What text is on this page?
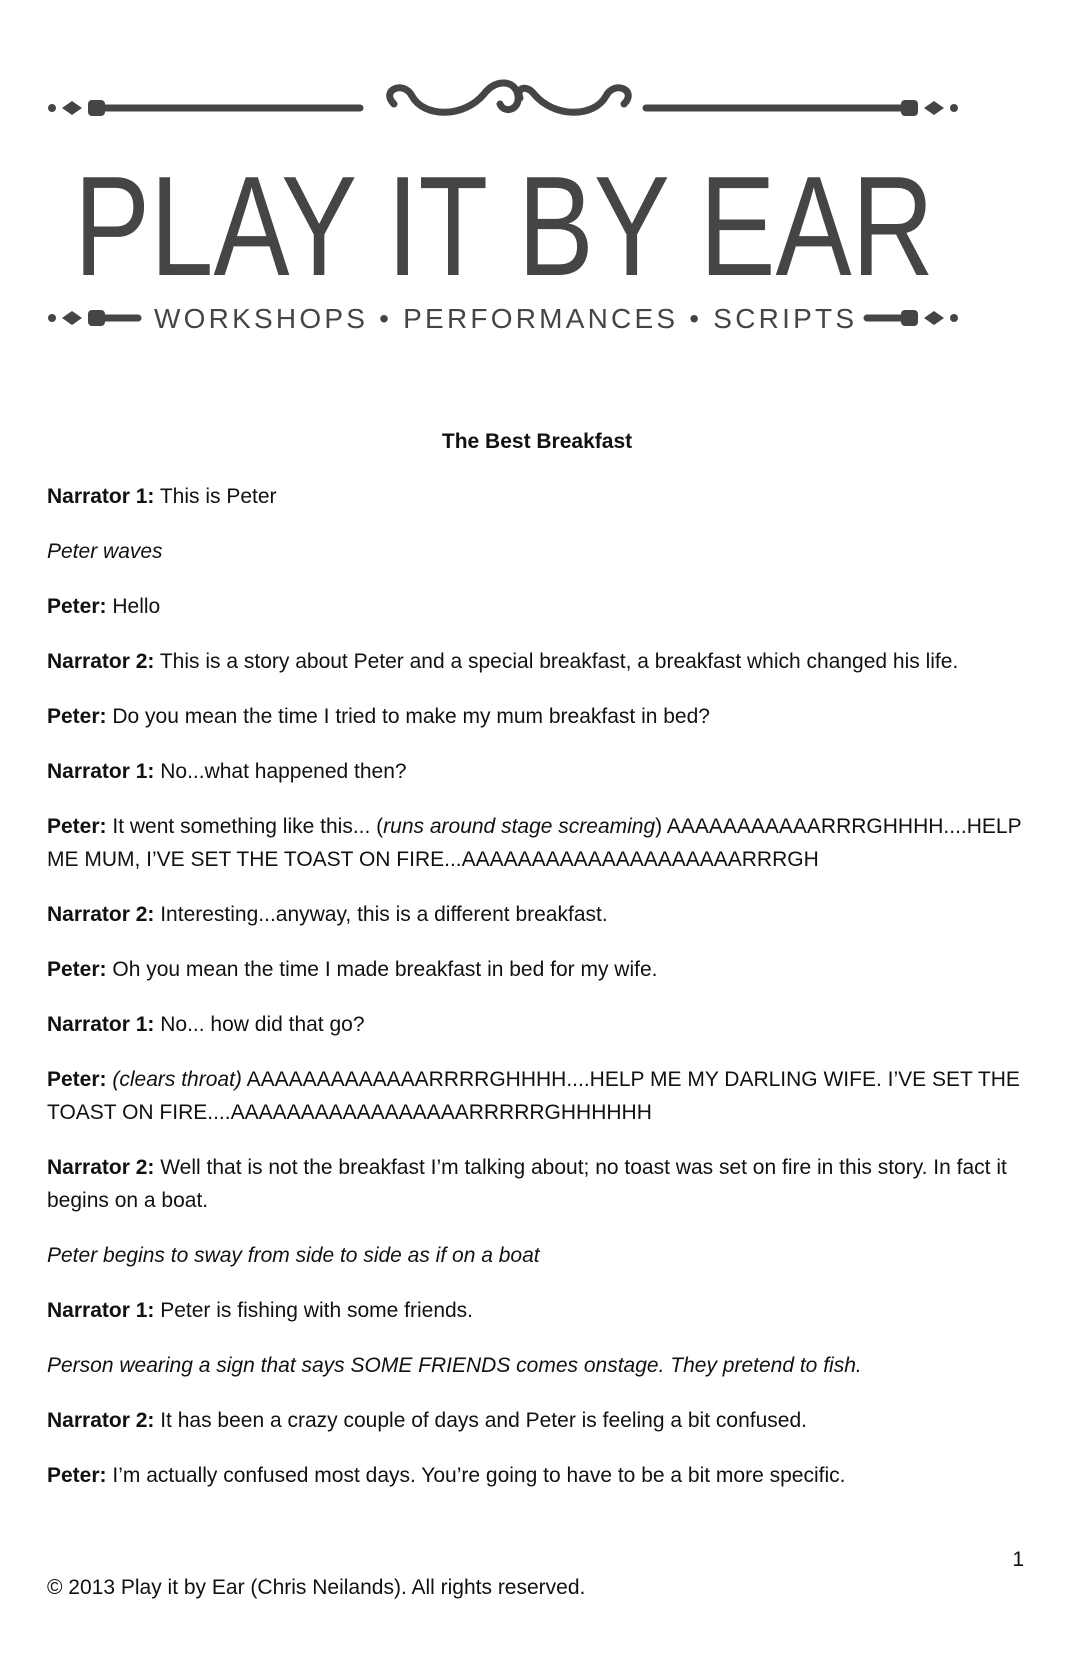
PLAY IT BY EAR
WORKSHOPS • PERFORMANCES • SCRIPTS
The Best Breakfast
Narrator 1: This is Peter
Peter waves
Peter: Hello
Narrator 2: This is a story about Peter and a special breakfast, a breakfast which changed his life.
Peter: Do you mean the time I tried to make my mum breakfast in bed?
Narrator 1: No...what happened then?
Peter: It went something like this... (runs around stage screaming) AAAAAAAAAAARRRGHHHH....HELP ME MUM, I’VE SET THE TOAST ON FIRE...AAAAAAAAAAAAAAAAAAAARRRGH
Narrator 2: Interesting...anyway, this is a different breakfast.
Peter: Oh you mean the time I made breakfast in bed for my wife.
Narrator 1: No... how did that go?
Peter: (clears throat) AAAAAAAAAAAAARRRRGHHHH....HELP ME MY DARLING WIFE. I’VE SET THE TOAST ON FIRE....AAAAAAAAAAAAAAAAARRRRRGHHHHHH
Narrator 2: Well that is not the breakfast I’m talking about; no toast was set on fire in this story. In fact it begins on a boat.
Peter begins to sway from side to side as if on a boat
Narrator 1: Peter is fishing with some friends.
Person wearing a sign that says SOME FRIENDS comes onstage. They pretend to fish.
Narrator 2: It has been a crazy couple of days and Peter is feeling a bit confused.
Peter: I’m actually confused most days. You’re going to have to be a bit more specific.
1
© 2013 Play it by Ear (Chris Neilands). All rights reserved.
